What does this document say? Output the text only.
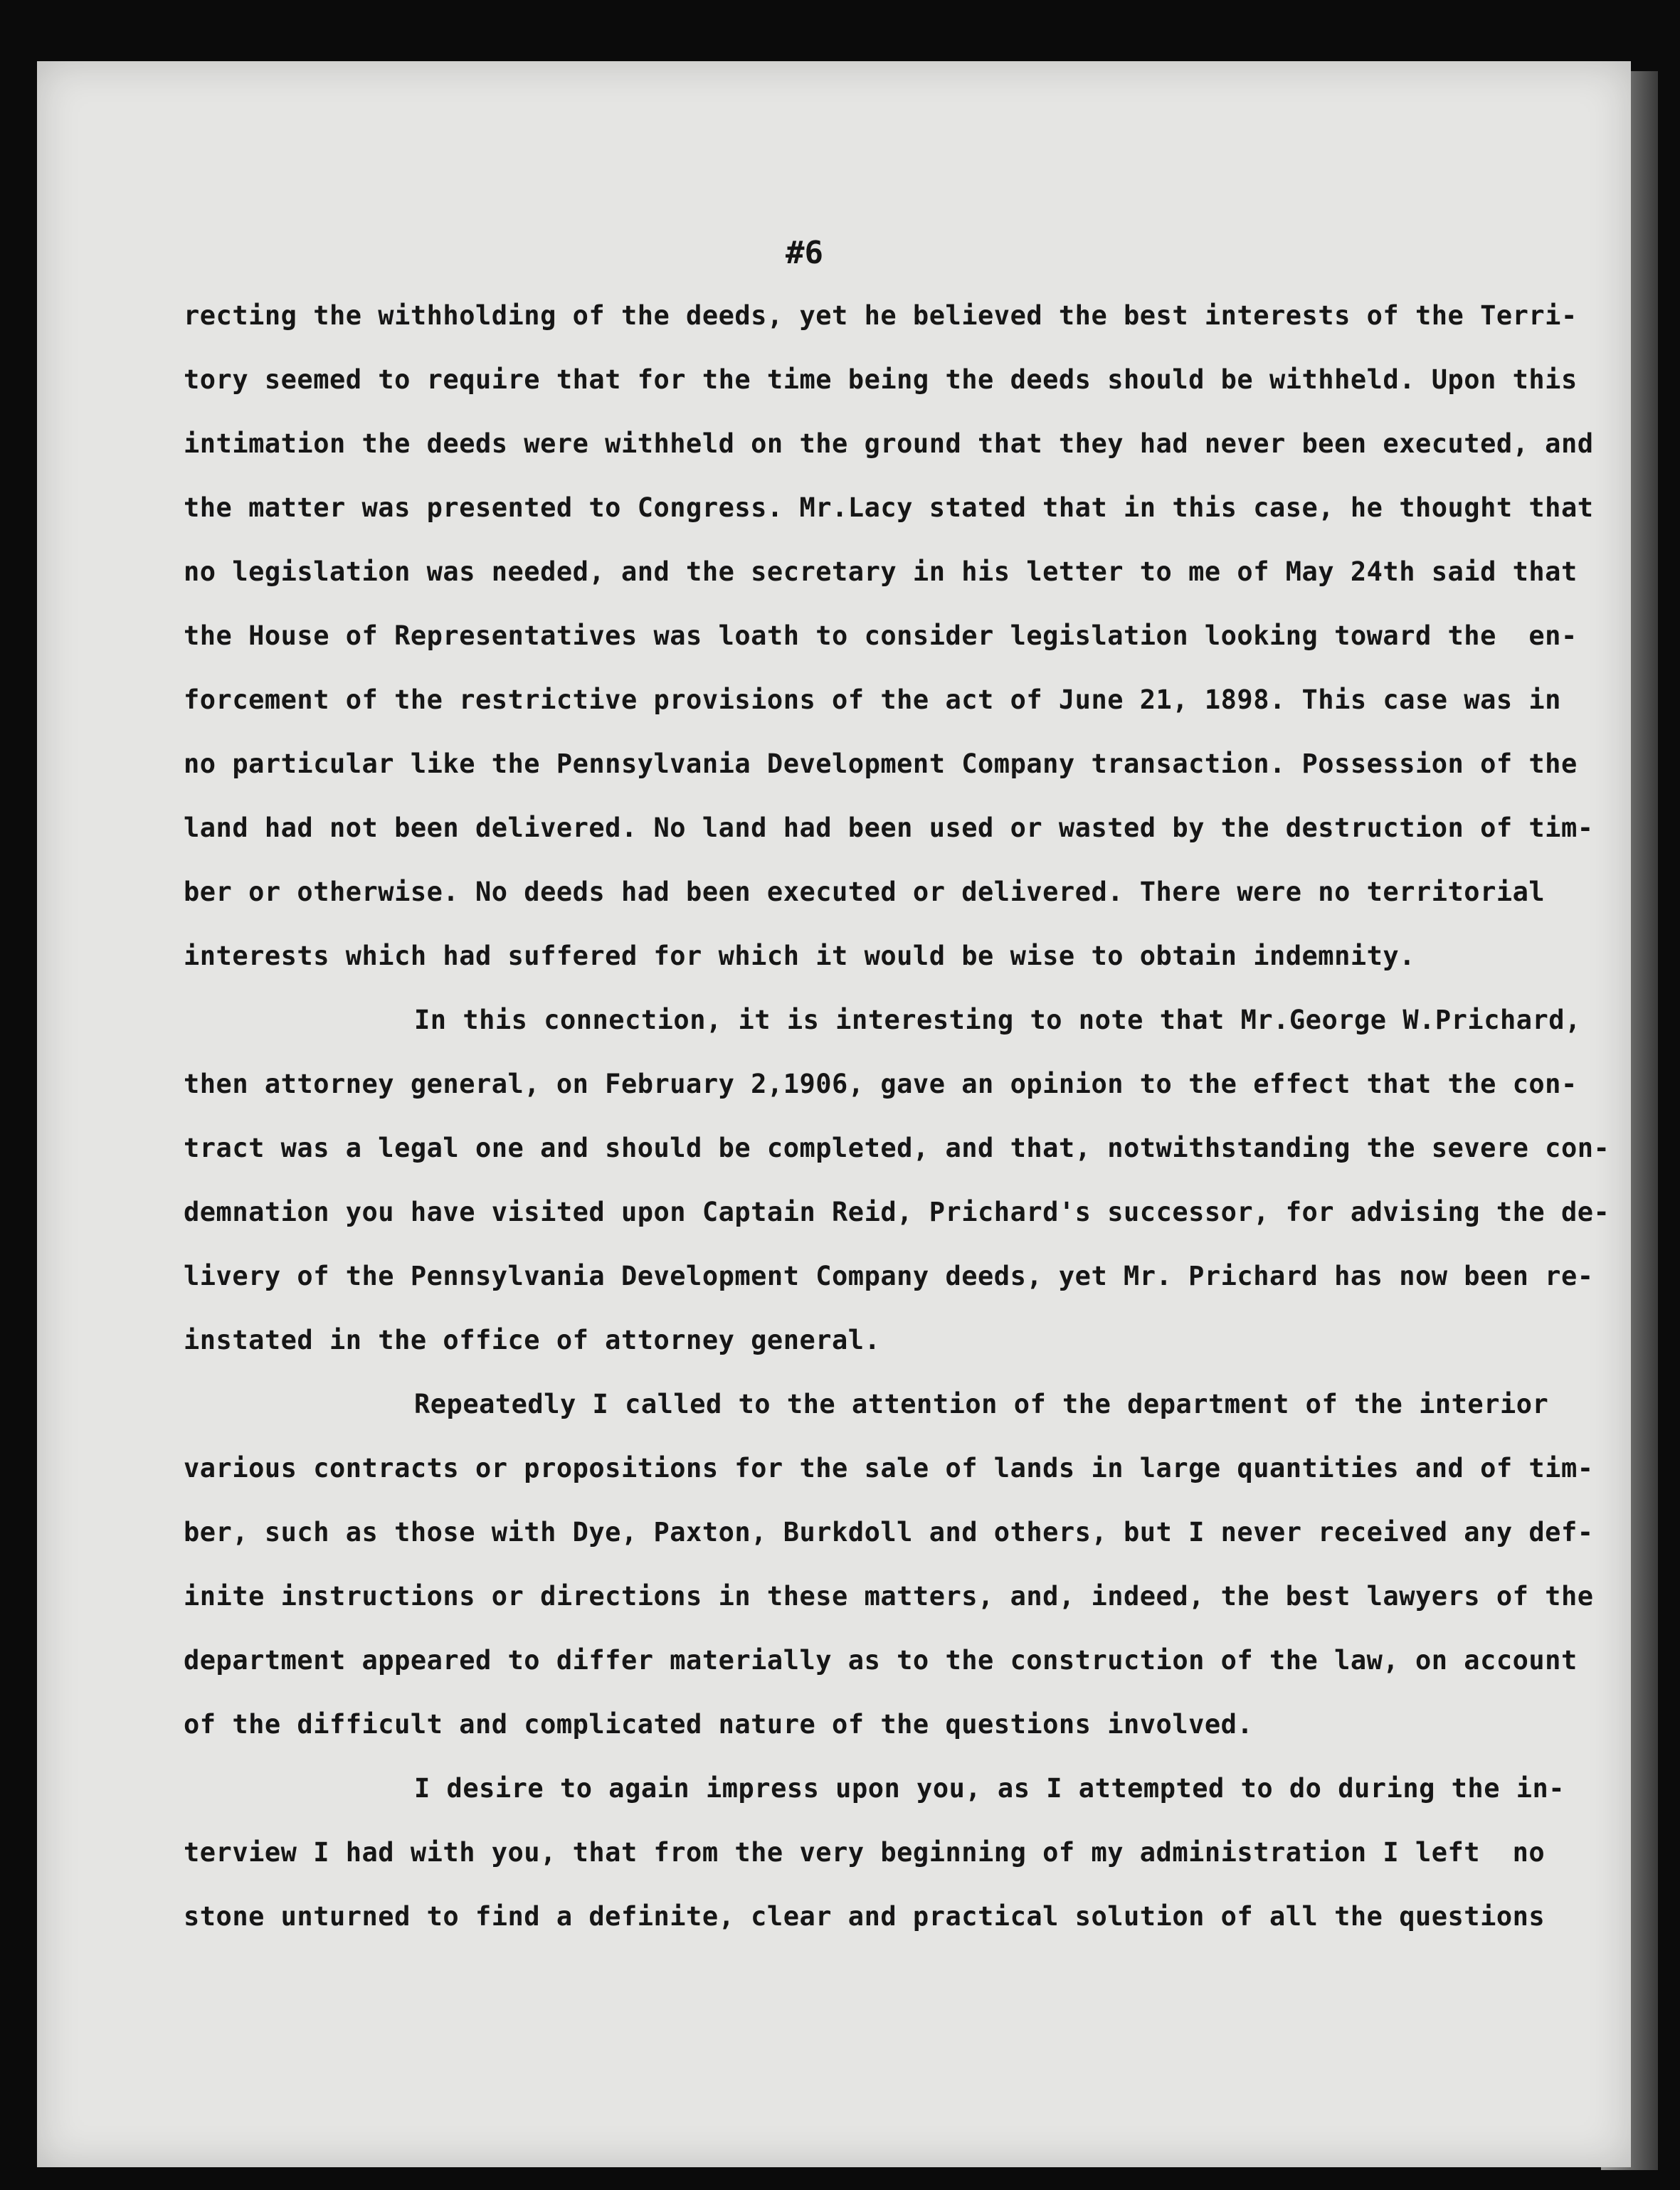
#6
recting the withholding of the deeds, yet he believed the best interests of the Terri-
tory seemed to require that for the time being the deeds should be withheld. Upon this
intimation the deeds were withheld on the ground that they had never been executed, and
the matter was presented to Congress. Mr.Lacy stated that in this case, he thought that
no legislation was needed, and the secretary in his letter to me of May 24th said that
the House of Representatives was loath to consider legislation looking toward the  en-
forcement of the restrictive provisions of the act of June 21, 1898. This case was in
no particular like the Pennsylvania Development Company transaction. Possession of the
land had not been delivered. No land had been used or wasted by the destruction of tim-
ber or otherwise. No deeds had been executed or delivered. There were no territorial
interests which had suffered for which it would be wise to obtain indemnity.
In this connection, it is interesting to note that Mr.George W.Prichard,
then attorney general, on February 2,1906, gave an opinion to the effect that the con-
tract was a legal one and should be completed, and that, notwithstanding the severe con-
demnation you have visited upon Captain Reid, Prichard's successor, for advising the de-
livery of the Pennsylvania Development Company deeds, yet Mr. Prichard has now been re-
instated in the office of attorney general.
Repeatedly I called to the attention of the department of the interior
various contracts or propositions for the sale of lands in large quantities and of tim-
ber, such as those with Dye, Paxton, Burkdoll and others, but I never received any def-
inite instructions or directions in these matters, and, indeed, the best lawyers of the
department appeared to differ materially as to the construction of the law, on account
of the difficult and complicated nature of the questions involved.
I desire to again impress upon you, as I attempted to do during the in-
terview I had with you, that from the very beginning of my administration I left  no
stone unturned to find a definite, clear and practical solution of all the questions
